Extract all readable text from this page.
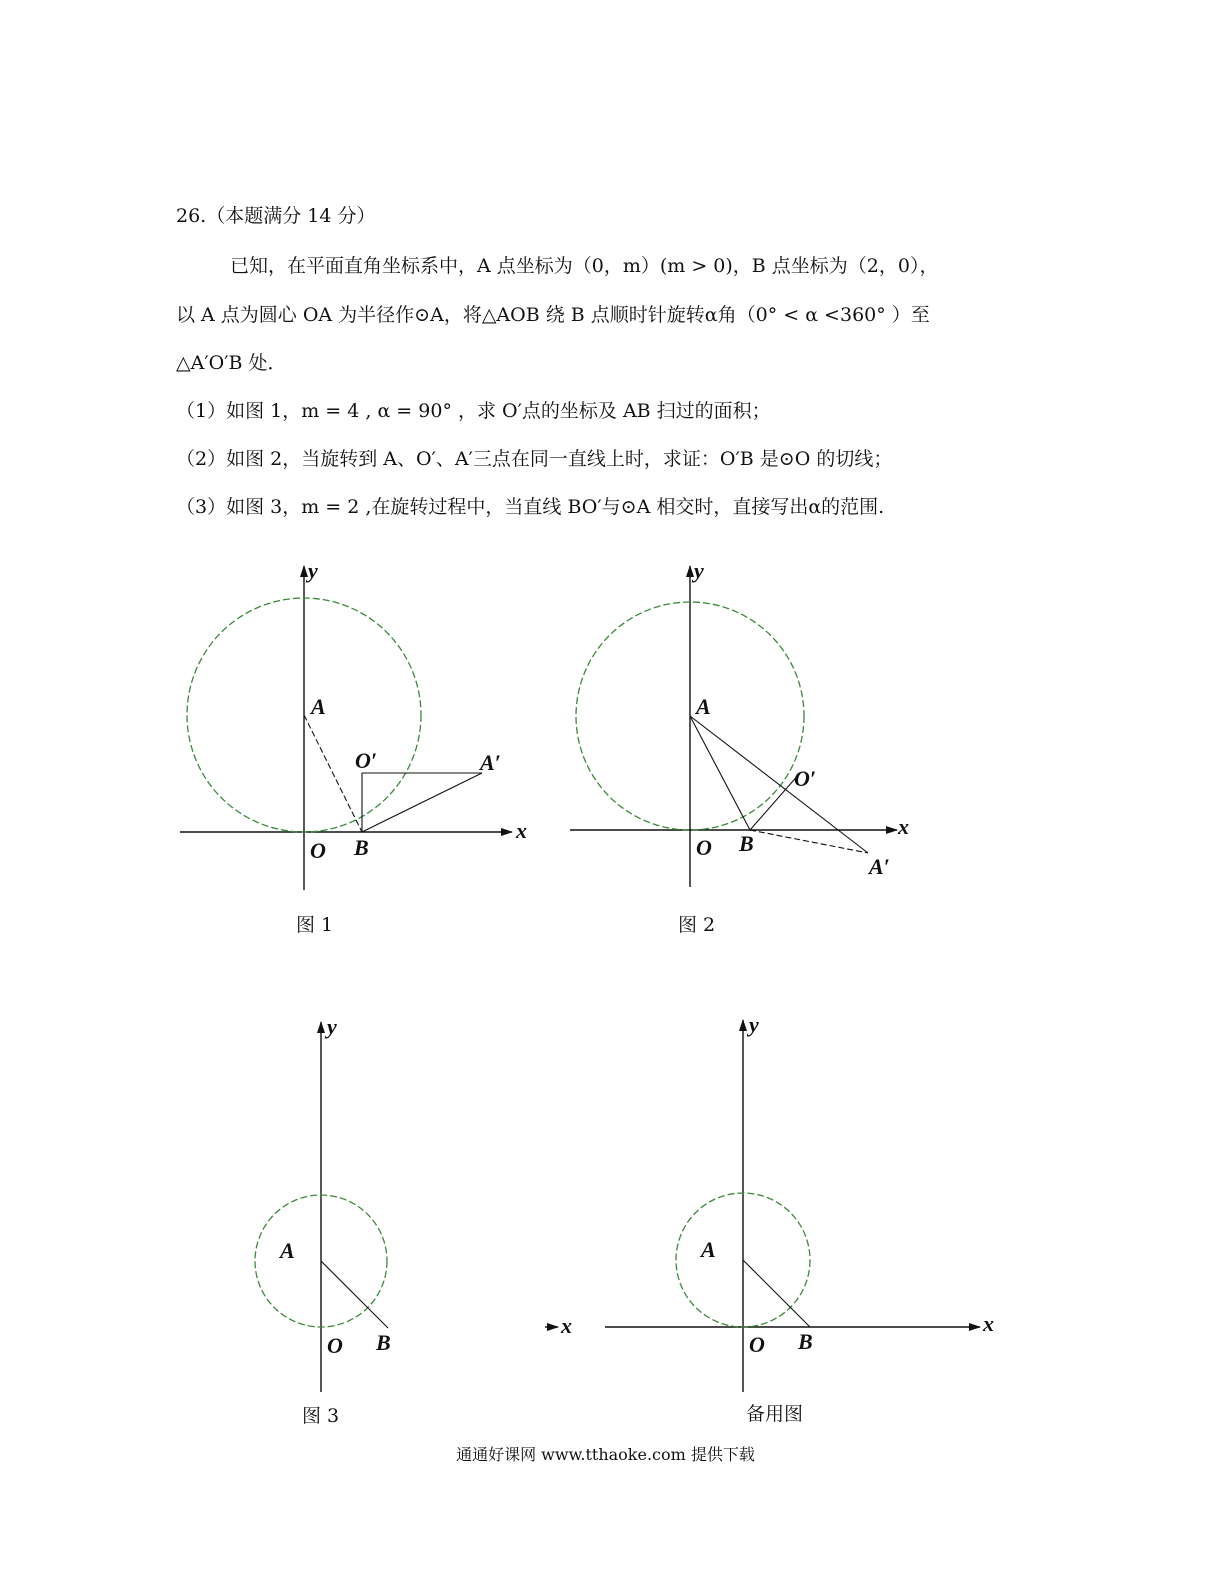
26.（本题满分 14 分）
已知，在平面直角坐标系中，A 点坐标为（0，m）(m > 0)，B 点坐标为（2，0），
以 A 点为圆心 OA 为半径作⊙A，将△AOB 绕 B 点顺时针旋转α角（0° < α <360° ）至
△A′O′B 处．
（1）如图 1，m = 4 , α = 90° ，求 O′点的坐标及 AB 扫过的面积；
（2）如图 2，当旋转到 A、O′、A′三点在同一直线上时，求证：O′B 是⊙O 的切线；
（3）如图 3，m = 2 ,在旋转过程中，当直线 BO′与⊙A 相交时，直接写出α的范围.
y
x
A
O B
O′	A′
图 1
y
x
A
O B
O′
A′
图 2
y
A
O B
图 3
y
x	x
A
O B
备用图
通通好课网 www.tthaoke.com 提供下载
